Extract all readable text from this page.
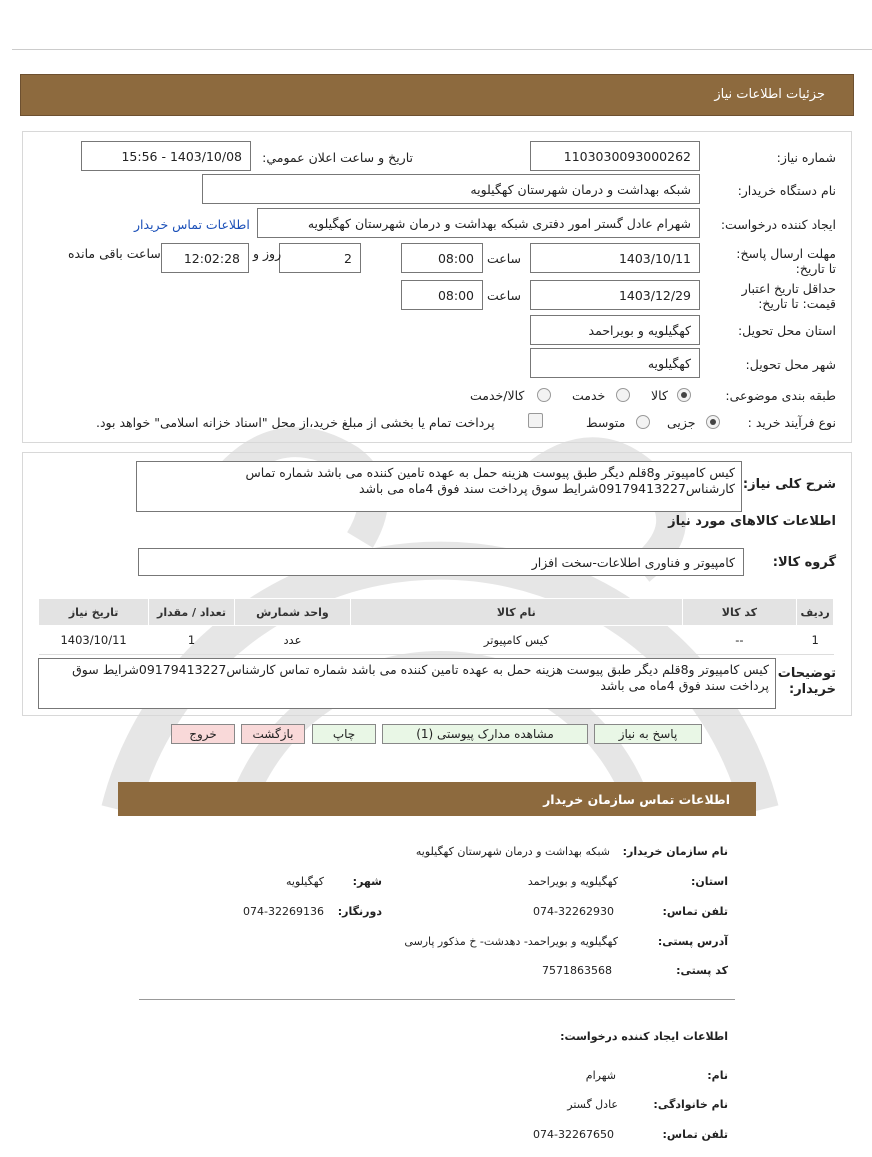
جزئيات اطلاعات نیاز
شماره نیاز:
1103030093000262
تاريخ و ساعت اعلان عمومي:
1403/10/08 - 15:56
نام دستگاه خریدار:
شبکه بهداشت و درمان شهرستان کهگیلویه
ایجاد کننده درخواست:
شهرام عادل گستر امور دفتری شبکه بهداشت و درمان شهرستان کهگیلویه
اطلاعات تماس خریدار
مهلت ارسال پاسخ: تا تاریخ:
1403/10/11
ساعت
08:00
2
روز و
12:02:28
ساعت باقی مانده
حداقل تاریخ اعتبار قیمت: تا تاریخ:
1403/12/29
ساعت
08:00
استان محل تحویل:
کهگیلویه و بویراحمد
شهر محل تحویل:
کهگیلویه
طبقه بندی موضوعی:
کالا
خدمت
کالا/خدمت
نوع فرآیند خرید :
جزیی
متوسط
پرداخت تمام یا بخشی از مبلغ خرید،از محل "اسناد خزانه اسلامی" خواهد بود.
شرح کلی نیاز:
کیس کامپیوتر و8قلم دیگر طبق پیوست هزینه حمل به عهده تامین کننده می باشد شماره تماس کارشناس09179413227شرایط سوق پرداخت سند فوق 4ماه می باشد
اطلاعات کالاهای مورد نیاز
گروه کالا:
کامپیوتر و فناوری اطلاعات-سخت افزار
ردیف	کد کالا	نام کالا	واحد شمارش	تعداد / مقدار	تاریخ نیاز
1	--	کیس کامپیوتر	عدد	1	1403/10/11
توضیحات خریدار:
کیس کامپیوتر و8قلم دیگر طبق پیوست هزینه حمل به عهده تامین کننده می باشد شماره تماس کارشناس09179413227شرایط سوق پرداخت سند فوق 4ماه می باشد
پاسخ به نیاز
مشاهده مدارک پیوستی (1)
چاپ
بازگشت
خروج
اطلاعات تماس سازمان خریدار
نام سازمان خریدار:
شبکه بهداشت و درمان شهرستان کهگیلویه
استان:
کهگیلویه و بویراحمد
شهر:
کهگیلویه
تلفن تماس:
074-32262930
دورنگار:
074-32269136
آدرس پستی:
کهگیلویه و بویراحمد- دهدشت- خ مذکور پارسی
کد پستی:
7571863568
اطلاعات ایجاد کننده درخواست:
نام:
شهرام
نام خانوادگی:
عادل گستر
تلفن تماس:
074-32267650
